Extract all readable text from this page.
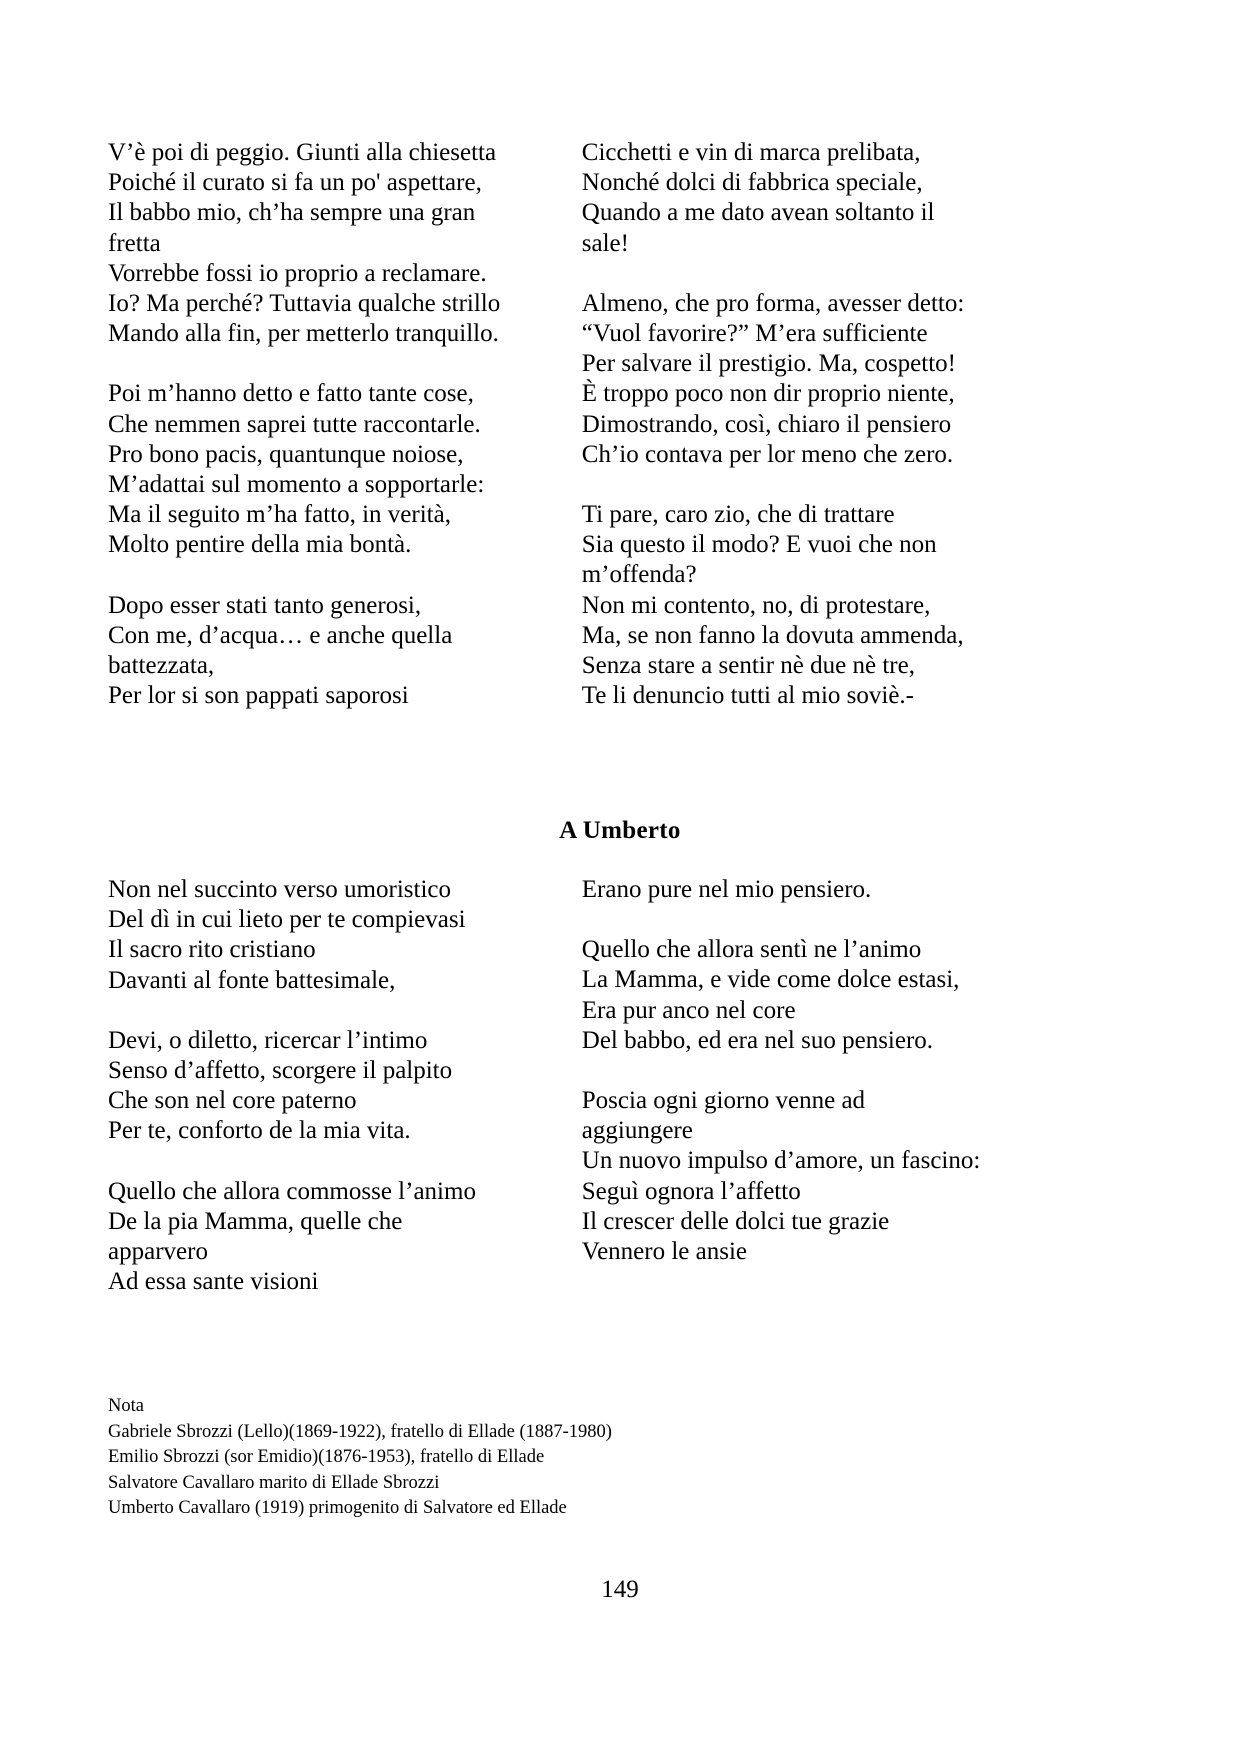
V’è poi di peggio. Giunti alla chiesetta
Poiché il curato si fa un po' aspettare,
Il babbo mio, ch’ha sempre una gran
fretta
Vorrebbe fossi io proprio a reclamare.
Io? Ma perché? Tuttavia qualche strillo
Mando alla fin, per metterlo tranquillo.
Poi m’hanno detto e fatto tante cose,
Che nemmen saprei tutte raccontarle.
Pro bono pacis, quantunque noiose,
M’adattai sul momento a sopportarle:
Ma il seguito m’ha fatto, in verità,
Molto pentire della mia bontà.
Dopo esser stati tanto generosi,
Con me, d’acqua… e anche quella
battezzata,
Per lor si son pappati saporosi
Cicchetti e vin di marca prelibata,
Nonché dolci di fabbrica speciale,
Quando a me dato avean soltanto il
sale!
Almeno, che pro forma, avesser detto:
“Vuol favorire?” M’era sufficiente
Per salvare il prestigio. Ma, cospetto!
È troppo poco non dir proprio niente,
Dimostrando, così, chiaro il pensiero
Ch’io contava per lor meno che zero.
Ti pare, caro zio, che di trattare
Sia questo il modo? E vuoi che non
m’offenda?
Non mi contento, no, di protestare,
Ma, se non fanno la dovuta ammenda,
Senza stare a sentir nè due nè tre,
Te li denuncio tutti al mio soviè.-
A Umberto
Non nel succinto verso umoristico
Del dì in cui lieto per te compievasi
Il sacro rito cristiano
Davanti al fonte battesimale,
Devi, o diletto, ricercar l’intimo
Senso d’affetto, scorgere il palpito
Che son nel core paterno
Per te, conforto de la mia vita.
Quello che allora commosse l’animo
De la pia Mamma, quelle che
apparvero
Ad essa sante visioni
Erano pure nel mio pensiero.
Quello che allora sentì ne l’animo
La Mamma, e vide come dolce estasi,
Era pur anco nel core
Del babbo, ed era nel suo pensiero.
Poscia ogni giorno venne ad
aggiungere
Un nuovo impulso d’amore, un fascino:
Seguì ognora l’affetto
Il crescer delle dolci tue grazie
Vennero le ansie
Nota
Gabriele Sbrozzi (Lello)(1869-1922), fratello di Ellade (1887-1980)
Emilio Sbrozzi (sor Emidio)(1876-1953), fratello di Ellade
Salvatore Cavallaro marito di Ellade Sbrozzi
Umberto Cavallaro (1919) primogenito di Salvatore ed Ellade
149
